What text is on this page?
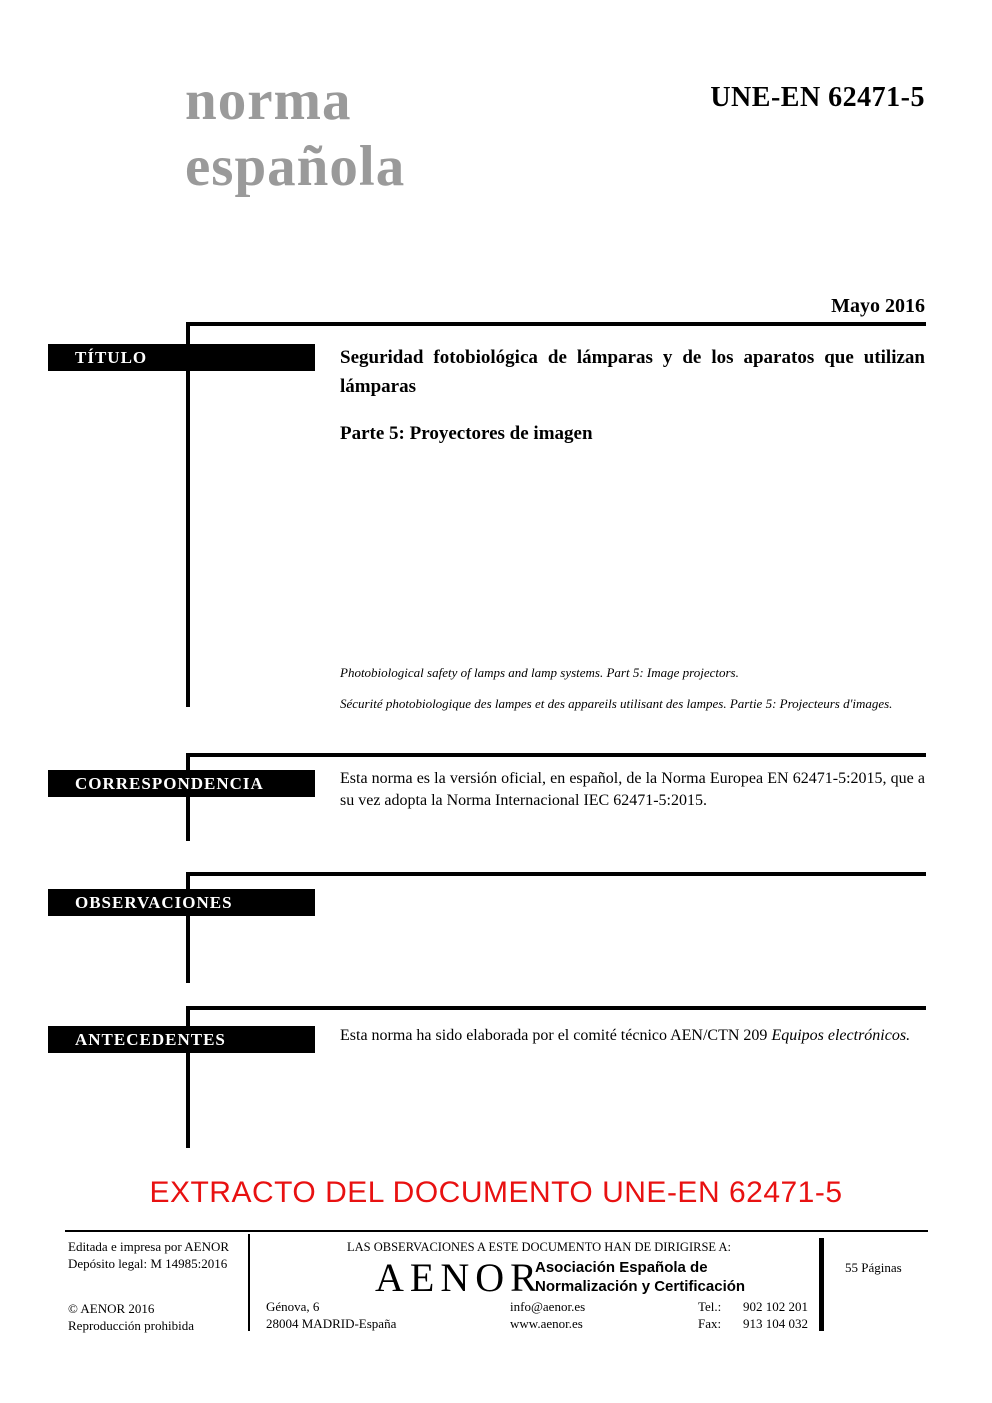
norma
española
UNE-EN 62471-5
Mayo 2016
TÍTULO	Seguridad fotobiológica de lámparas y de los aparatos que utilizan lámparas

Parte 5: Proyectores de imagen

Photobiological safety of lamps and lamp systems. Part 5: Image projectors.

Sécurité photobiologique des lampes et des appareils utilisant des lampes. Partie 5: Projecteurs d'images.

CORRESPONDENCIA	Esta norma es la versión oficial, en español, de la Norma Europea EN 62471-5:2015, que a su vez adopta la Norma Internacional IEC 62471-5:2015.

OBSERVACIONES
ANTECEDENTES	Esta norma ha sido elaborada por el comité técnico AEN/CTN 209 Equipos electrónicos.

EXTRACTO DEL DOCUMENTO UNE-EN 62471-5
Editada e impresa por AENOR
Depósito legal: M 14985:2016
© AENOR 2016
Reproducción prohibida
LAS OBSERVACIONES A ESTE DOCUMENTO HAN DE DIRIGIRSE A:
AENOR
Asociación Española de
Normalización y Certificación
Génova, 6
28004 MADRID-España
info@aenor.es
www.aenor.es
Tel.: 902 102 201
Fax: 913 104 032
55 Páginas
